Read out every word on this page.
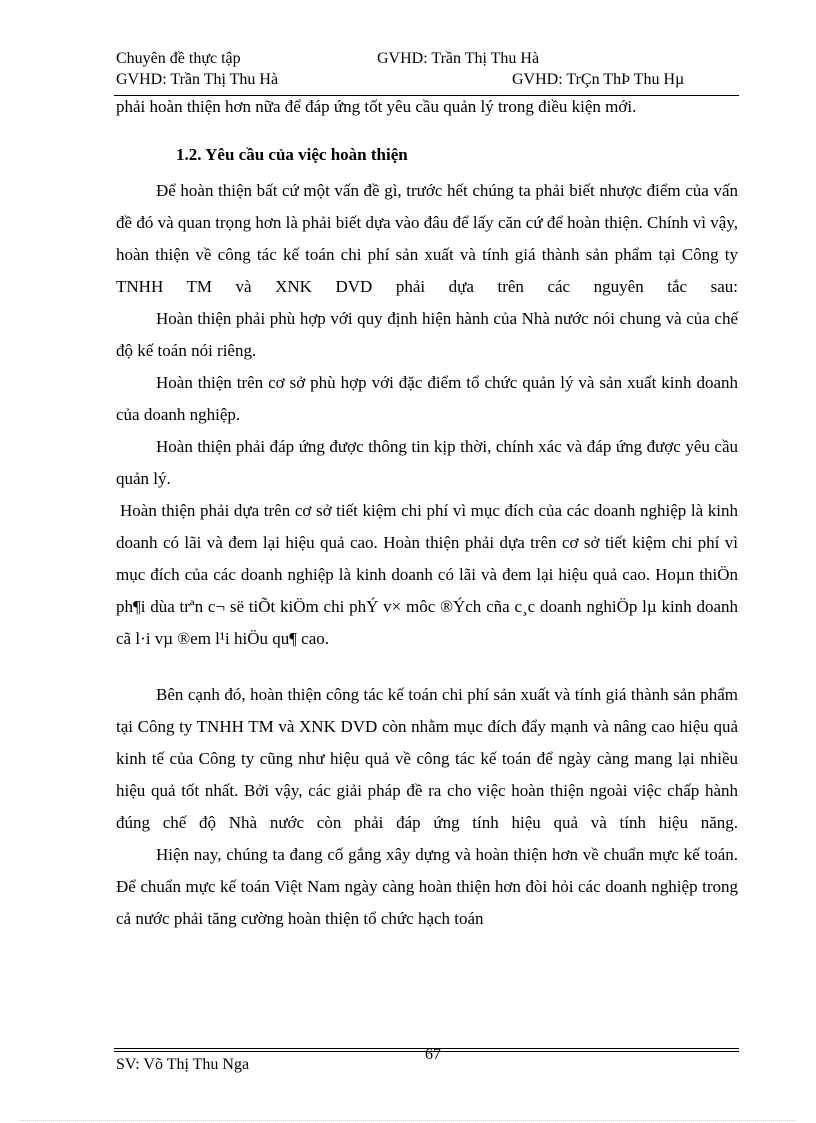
Chuyên đề thực tập	GVHD: Trần Thị Thu Hà
GVHD: Trần Thị Thu Hà	GVHD: TrÇn ThÞ Thu Hµ

phải hoàn thiện hơn nữa để đáp ứng tốt yêu cầu quản lý trong điều kiện mới.

1.2. Yêu cầu của việc hoàn thiện

Để hoàn thiện bất cứ một vấn đề gì, trước hết chúng ta phải biết nhược điểm của vấn đề đó và quan trọng hơn là phải biết dựa vào đâu để lấy căn cứ để hoàn thiện. Chính vì vậy, hoàn thiện về công tác kế toán chi phí sản xuất và tính giá thành sản phẩm tại Công ty TNHH TM và XNK DVD phải dựa trên các nguyên tắc sau:

Hoàn thiện phải phù hợp với quy định hiện hành của Nhà nước nói chung và của chế độ kế toán nói riêng.

Hoàn thiện trên cơ sở phù hợp với đặc điểm tổ chức quản lý và sản xuất kinh doanh của doanh nghiệp.

Hoàn thiện phải đáp ứng được thông tin kịp thời, chính xác và đáp ứng được yêu cầu quản lý.

Hoàn thiện phải dựa trên cơ sở tiết kiệm chi phí vì mục đích của các doanh nghiệp là kinh doanh có lãi và đem lại hiệu quả cao. Hoàn thiện phải dựa trên cơ sở tiết kiệm chi phí vì mục đích của các doanh nghiệp là kinh doanh có lãi và đem lại hiệu quả cao. Hoµn thiÖn ph¶i dùa trªn c¬ së tiÕt kiÖm chi phÝ v× môc ®Ých cña c¸c doanh nghiÖp lµ kinh doanh cã l·i vµ ®em l¹i hiÖu qu¶ cao.

Bên cạnh đó, hoàn thiện công tác kế toán chi phí sản xuất và tính giá thành sản phẩm tại Công ty TNHH TM và XNK DVD còn nhằm mục đích đẩy mạnh và nâng cao hiệu quả kinh tế của Công ty cũng như hiệu quả về công tác kế toán để ngày càng mang lại nhiều hiệu quả tốt nhất. Bởi vậy, các giải pháp đề ra cho việc hoàn thiện ngoài việc chấp hành đúng chế độ Nhà nước còn phải đáp ứng tính hiệu quả và tính hiệu năng.

Hiện nay, chúng ta đang cố gắng xây dựng và hoàn thiện hơn về chuẩn mực kế toán. Để chuẩn mực kế toán Việt Nam ngày càng hoàn thiện hơn đòi hỏi các doanh nghiệp trong cả nước phải tăng cường hoàn thiện tổ chức hạch toán

SV: Võ Thị Thu Nga
67
